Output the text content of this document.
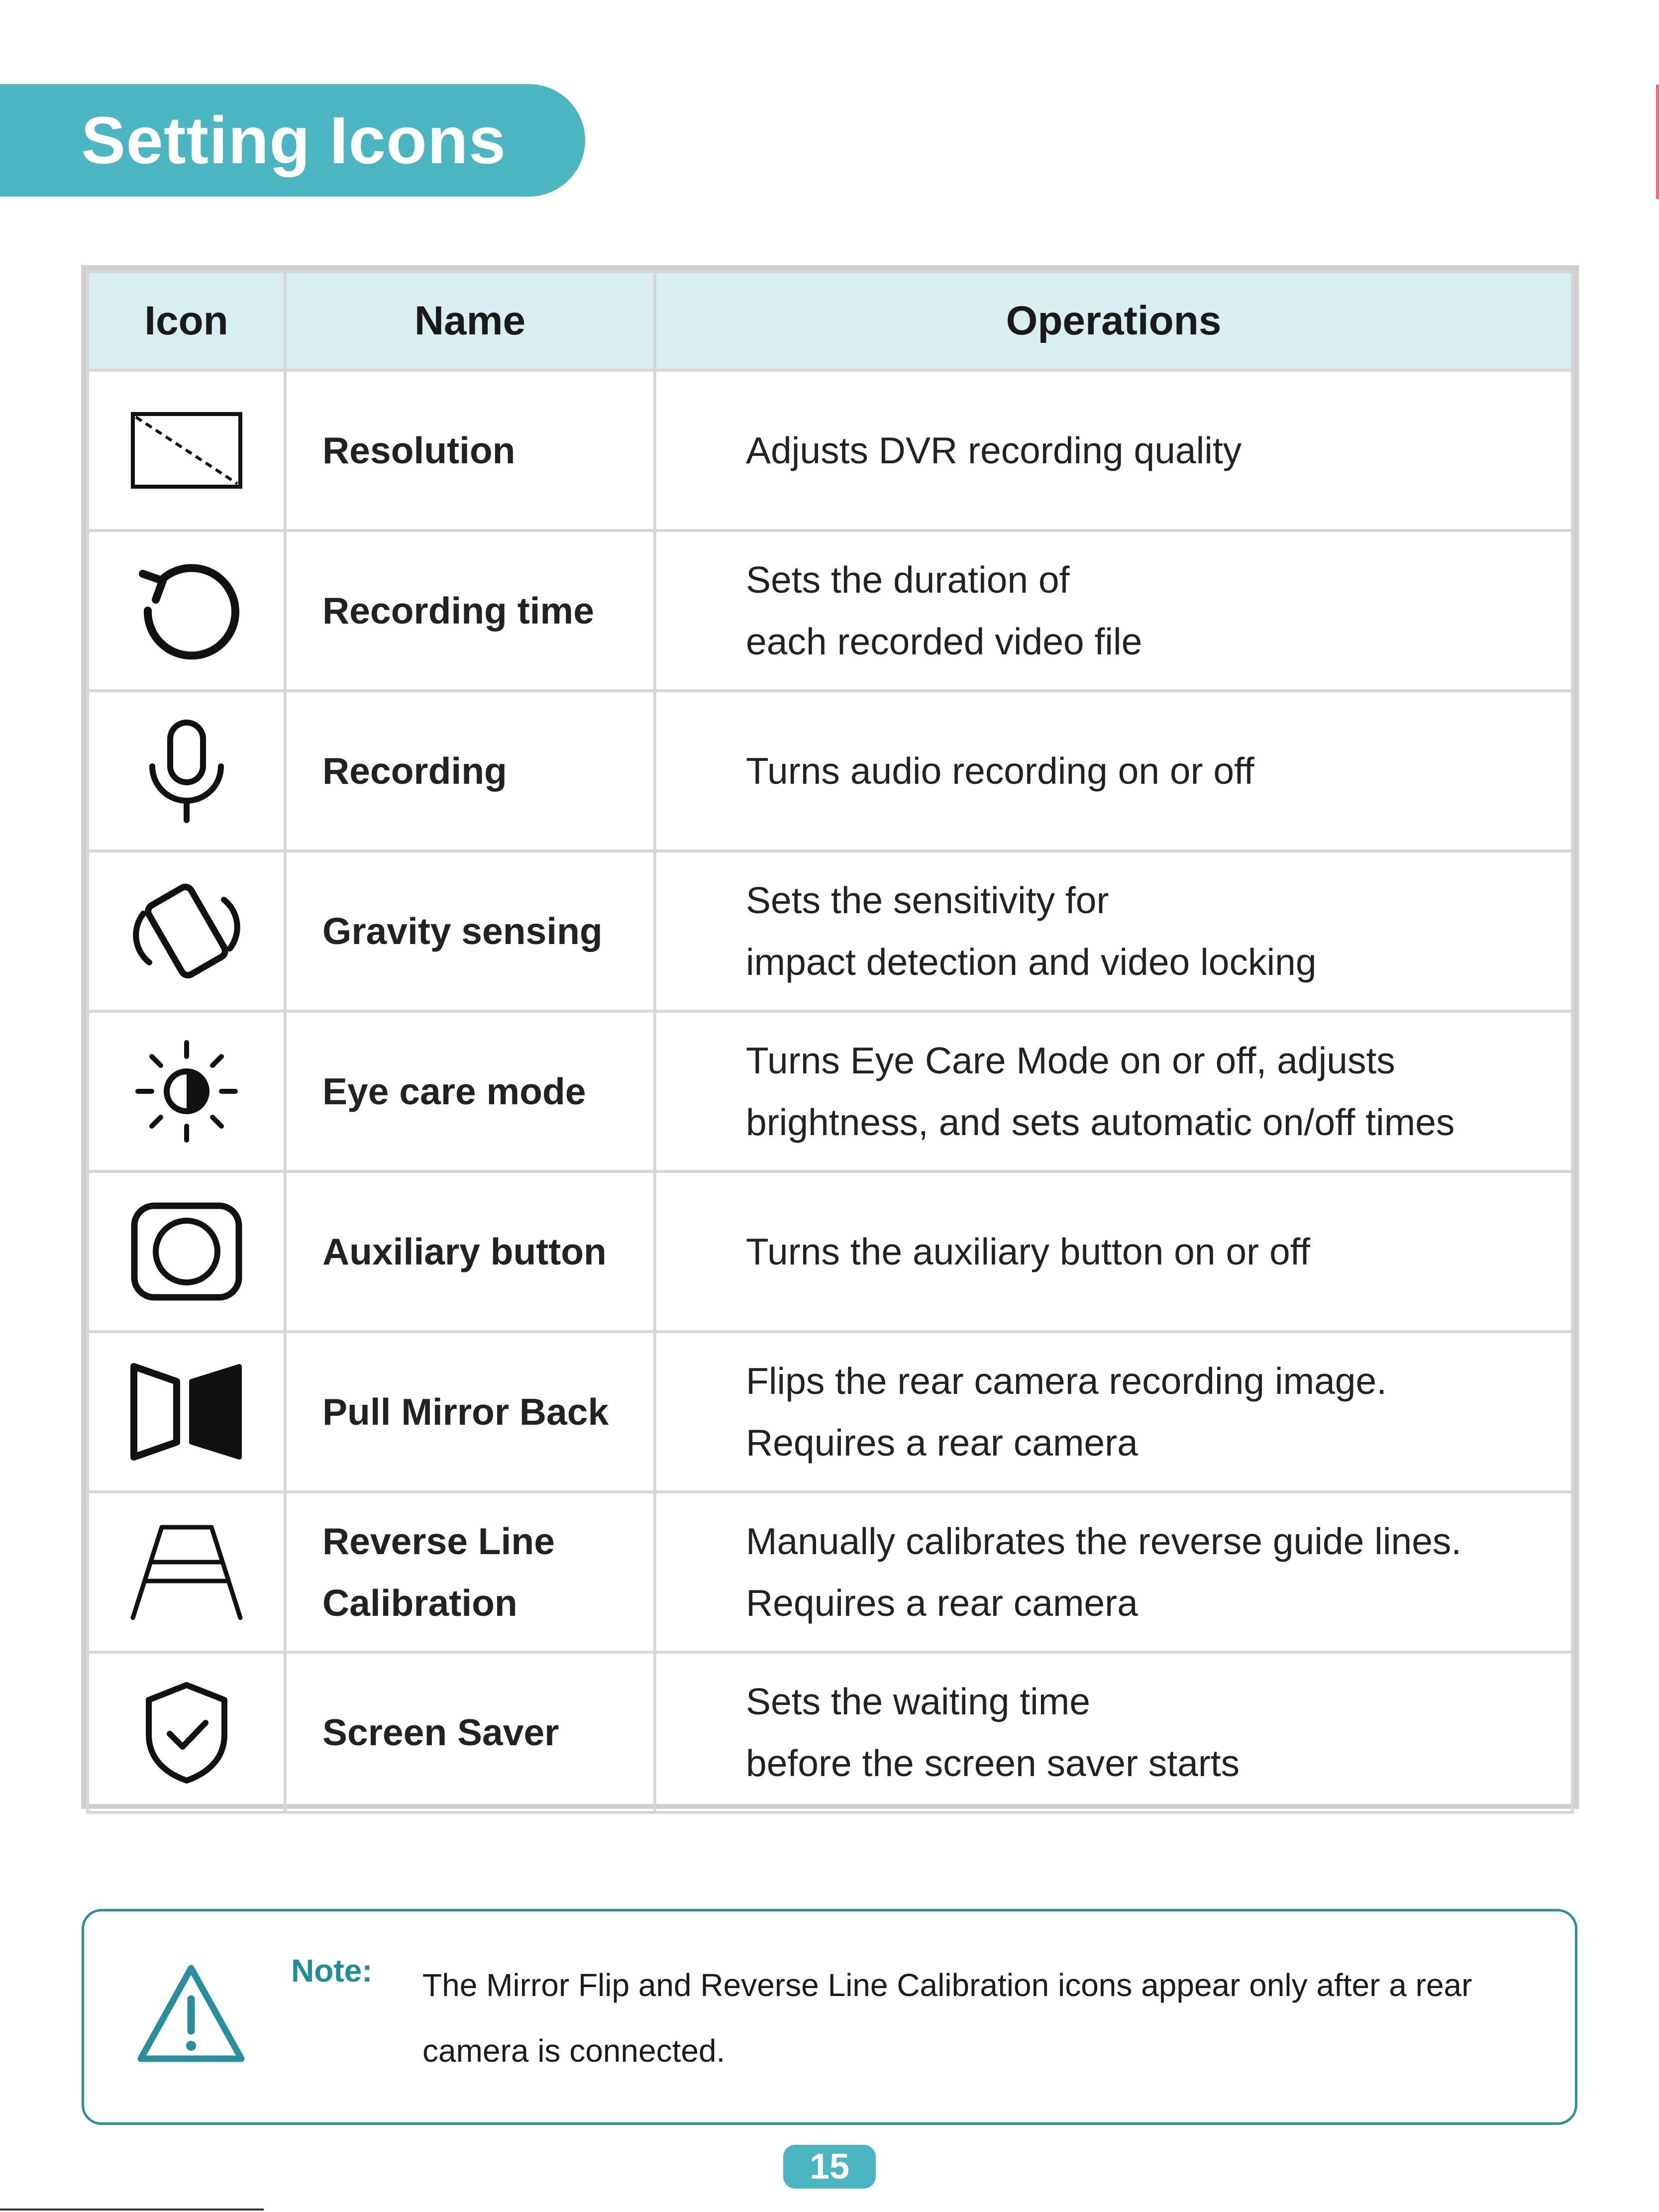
Setting Icons
Icon	Name	Operations

Resolution	Adjusts DVR recording quality

Recording time	Sets the duration of
each recorded video file

Recording	Turns audio recording on or off

Gravity sensing	Sets the sensitivity for
impact detection and video locking

Eye care mode	Turns Eye Care Mode on or off, adjusts
brightness, and sets automatic on/off times

Auxiliary button	Turns the auxiliary button on or off

Pull Mirror Back	Flips the rear camera recording image.
Requires a rear camera

Reverse Line
Calibration	Manually calibrates the reverse guide lines.
Requires a rear camera

Screen Saver	Sets the waiting time
before the screen saver starts
Note: The Mirror Flip and Reverse Line Calibration icons appear only after a rear camera is connected.
15
